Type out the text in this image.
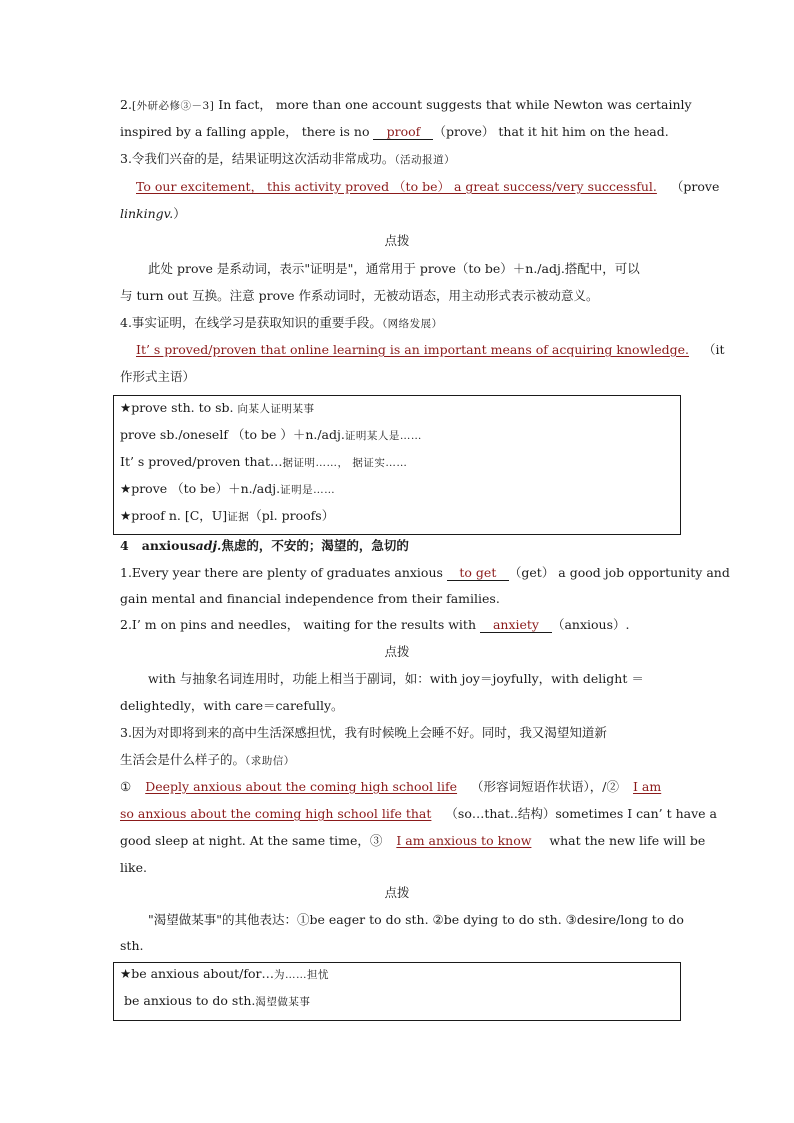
2.[外研必修③－3] In fact， more than one account suggests that while Newton was certainly
inspired by a falling apple， there is no proof （prove） that it hit him on the head.
3.令我们兴奋的是，结果证明这次活动非常成功。（活动报道）
To our excitement， this activity proved （to be） a great success/very successful. （prove
linkingv.）
点拨
此处 prove 是系动词，表示"证明是"，通常用于 prove（to be）＋n./adj.搭配中，可以
与 turn out 互换。注意 prove 作系动词时，无被动语态，用主动形式表示被动意义。
4.事实证明，在线学习是获取知识的重要手段。（网络发展）
It’ s proved/proven that online learning is an important means of acquiring knowledge. （it
作形式主语）
★prove sth. to sb. 向某人证明某事
prove sb./oneself （to be ）＋n./adj.证明某人是……
It’ s proved/proven that…据证明……， 据证实……
★prove （to be）＋n./adj.证明是……
★proof n. [C，U]证据（pl. proofs）
4 anxiousadj.焦虑的，不安的；渴望的，急切的
1.Every year there are plenty of graduates anxious to get （get） a good job opportunity and
gain mental and financial independence from their families.
2.I’ m on pins and needles， waiting for the results with anxiety （anxious）.
点拨
with 与抽象名词连用时，功能上相当于副词，如：with joy＝joyfully，with delight ＝
delightedly，with care＝carefully。
3.因为对即将到来的高中生活深感担忧，我有时候晚上会睡不好。同时，我又渴望知道新
生活会是什么样子的。（求助信）
① Deeply anxious about the coming high school life （形容词短语作状语），/② I am
so anxious about the coming high school life that （so…that..结构）sometimes I can’ t have a
good sleep at night. At the same time，③ I am anxious to know what the new life will be
like.
点拨
"渴望做某事"的其他表达：①be eager to do sth. ②be dying to do sth. ③desire/long to do
sth.
★be anxious about/for…为……担忧
be anxious to do sth.渴望做某事
